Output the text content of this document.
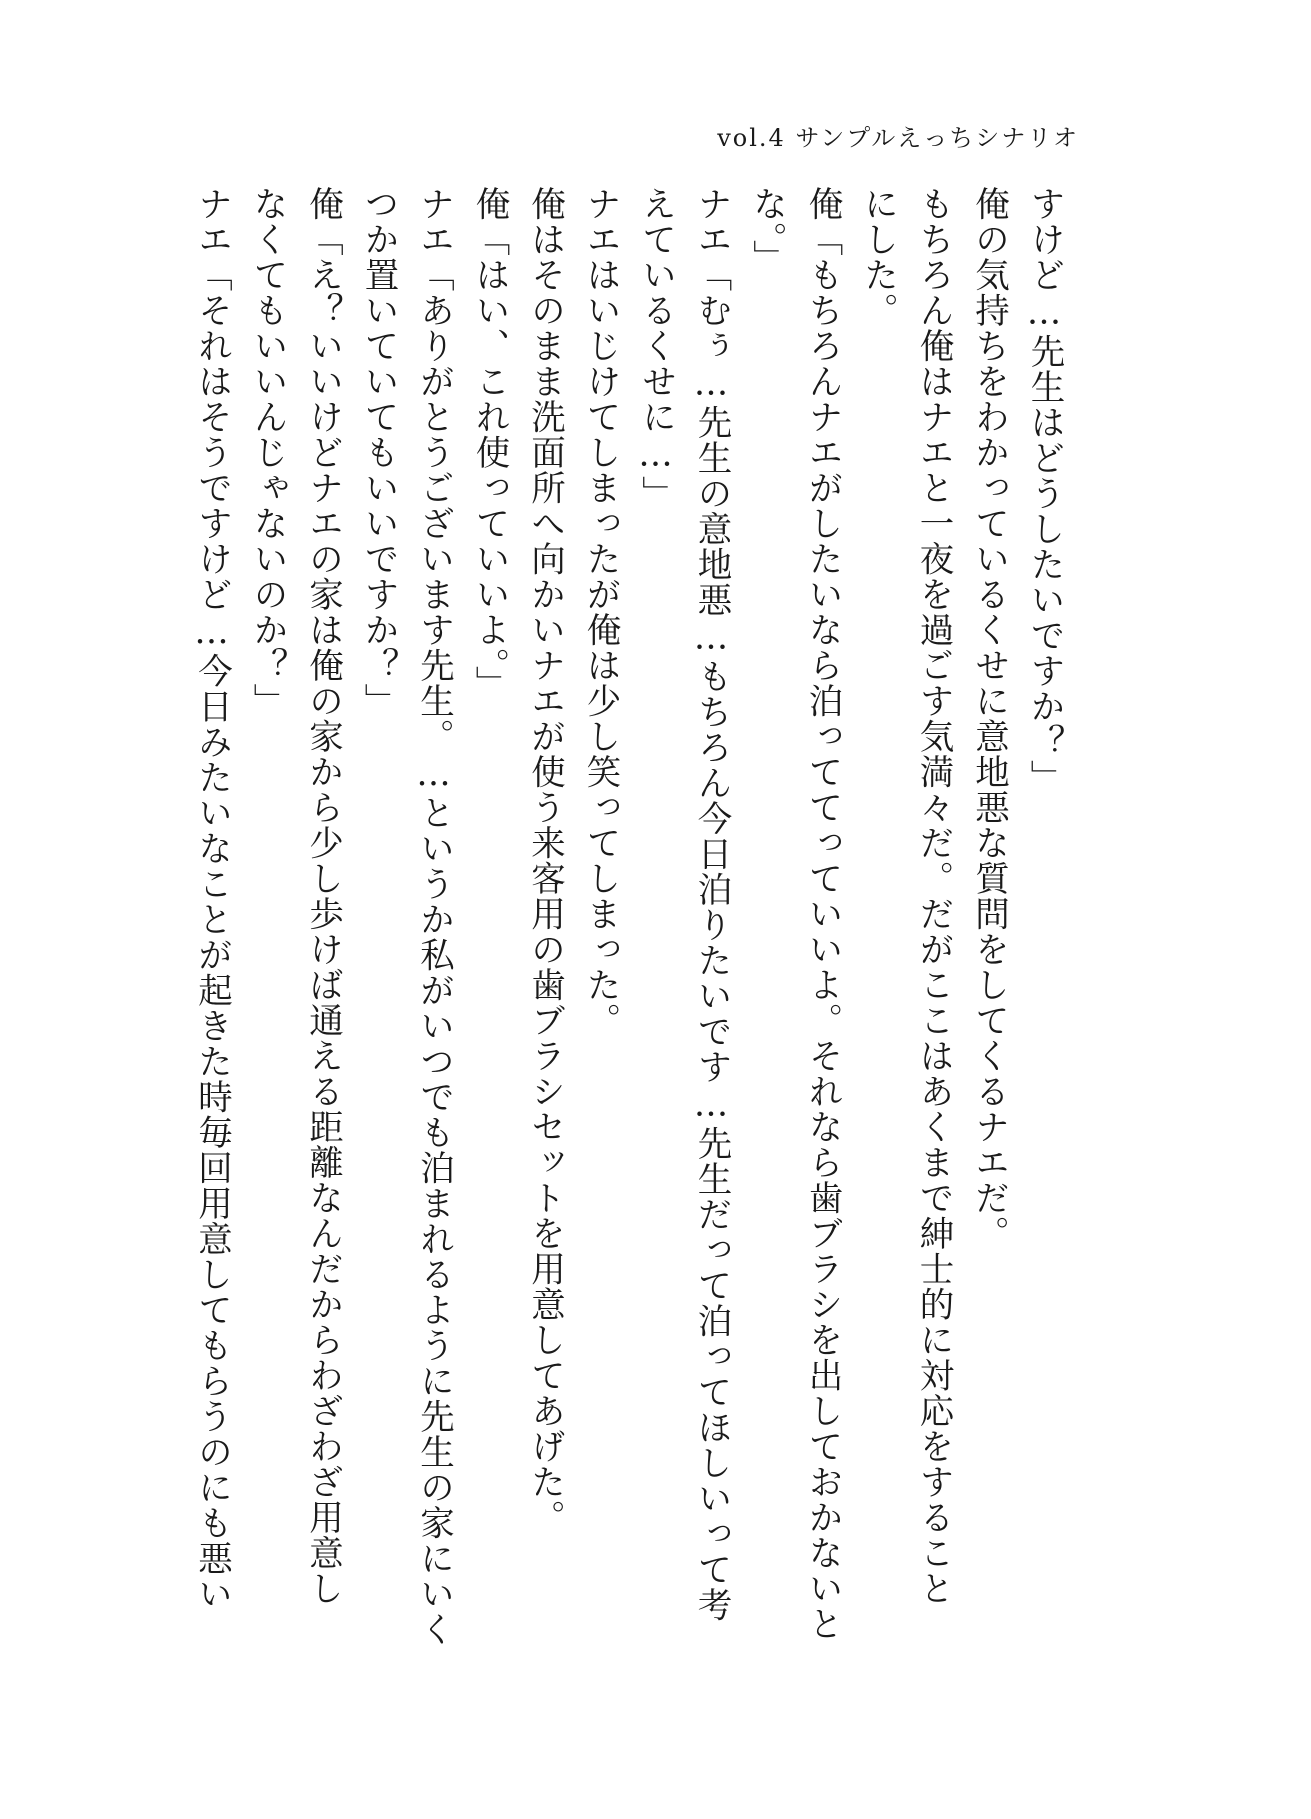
vol.4 サンプルえっちシナリオ
すけど…先生はどうしたいですか？」
俺の気持ちをわかっているくせに意地悪な質問をしてくるナエだ。
もちろん俺はナエと一夜を過ごす気満々だ。だがここはあくまで紳士的に対応をすること
にした。
俺「もちろんナエがしたいなら泊っててっていいよ。それなら歯ブラシを出しておかないと
な。」
ナエ「むぅ…先生の意地悪…もちろん今日泊りたいです…先生だって泊ってほしいって考
えているくせに…」
ナエはいじけてしまったが俺は少し笑ってしまった。
俺はそのまま洗面所へ向かいナエが使う来客用の歯ブラシセットを用意してあげた。
俺「はい、これ使っていいよ。」
ナエ「ありがとうございます先生。…というか私がいつでも泊まれるように先生の家にいく
つか置いていてもいいですか？」
俺「え？いいけどナエの家は俺の家から少し歩けば通える距離なんだからわざわざ用意し
なくてもいいんじゃないのか？」
ナエ「それはそうですけど…今日みたいなことが起きた時毎回用意してもらうのにも悪い
